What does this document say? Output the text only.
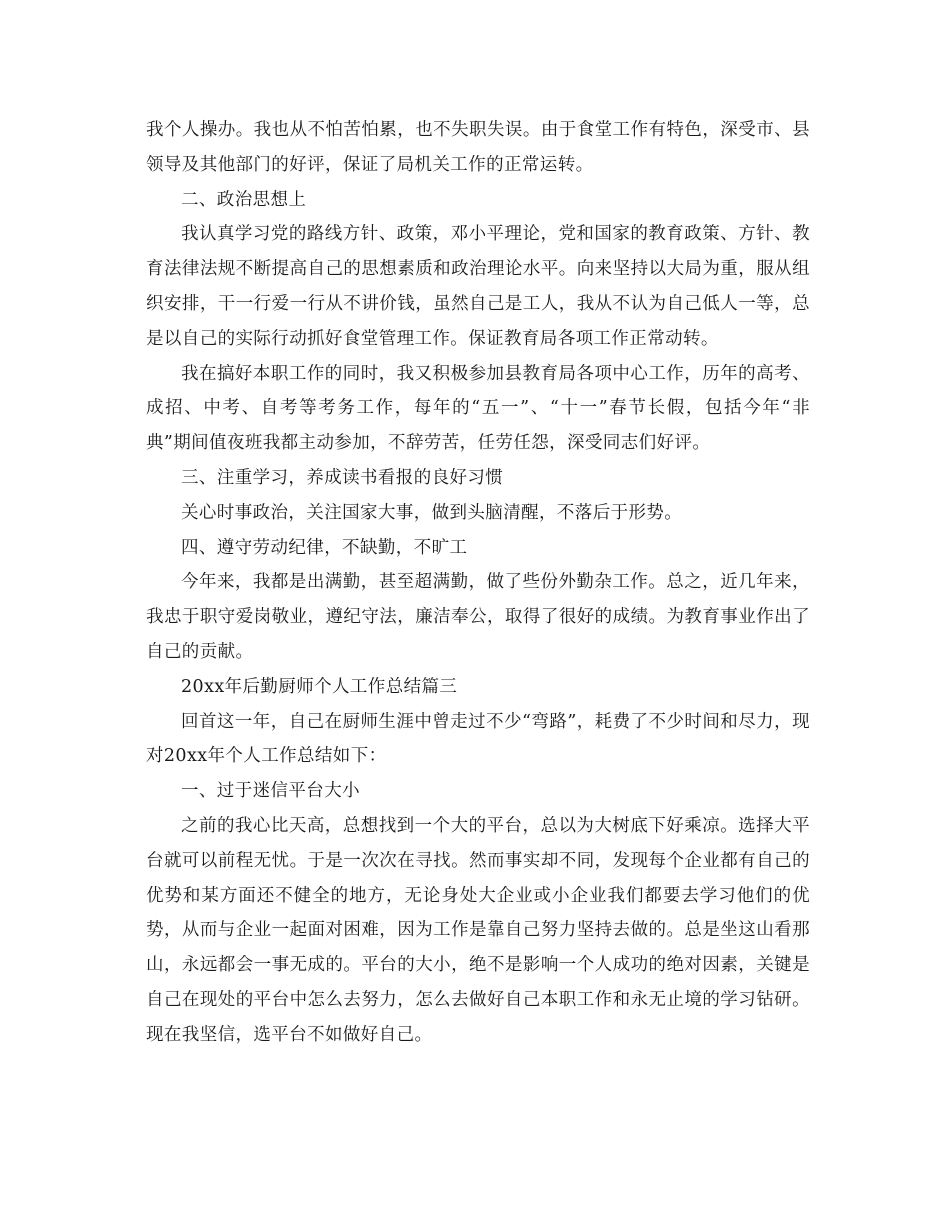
我个人操办。我也从不怕苦怕累，也不失职失误。由于食堂工作有特色，深受市、县领导及其他部门的好评，保证了局机关工作的正常运转。

二、政治思想上

我认真学习党的路线方针、政策，邓小平理论，党和国家的教育政策、方针、教育法律法规不断提高自己的思想素质和政治理论水平。向来坚持以大局为重，服从组织安排，干一行爱一行从不讲价钱，虽然自己是工人，我从不认为自己低人一等，总是以自己的实际行动抓好食堂管理工作。保证教育局各项工作正常动转。

我在搞好本职工作的同时，我又积极参加县教育局各项中心工作，历年的高考、成招、中考、自考等考务工作，每年的“五一”、“十一”春节长假，包括今年“非典”期间值夜班我都主动参加，不辞劳苦，任劳任怨，深受同志们好评。

三、注重学习，养成读书看报的良好习惯

关心时事政治，关注国家大事，做到头脑清醒，不落后于形势。

四、遵守劳动纪律，不缺勤，不旷工

今年来，我都是出满勤，甚至超满勤，做了些份外勤杂工作。总之，近几年来，我忠于职守爱岗敬业，遵纪守法，廉洁奉公，取得了很好的成绩。为教育事业作出了自己的贡献。

20xx年后勤厨师个人工作总结篇三

回首这一年，自己在厨师生涯中曾走过不少“弯路”，耗费了不少时间和尽力，现对20xx年个人工作总结如下：

一、过于迷信平台大小

之前的我心比天高，总想找到一个大的平台，总以为大树底下好乘凉。选择大平台就可以前程无忧。于是一次次在寻找。然而事实却不同，发现每个企业都有自己的优势和某方面还不健全的地方，无论身处大企业或小企业我们都要去学习他们的优势，从而与企业一起面对困难，因为工作是靠自己努力坚持去做的。总是坐这山看那山，永远都会一事无成的。平台的大小，绝不是影响一个人成功的绝对因素，关键是自己在现处的平台中怎么去努力，怎么去做好自己本职工作和永无止境的学习钻研。现在我坚信，选平台不如做好自己。
